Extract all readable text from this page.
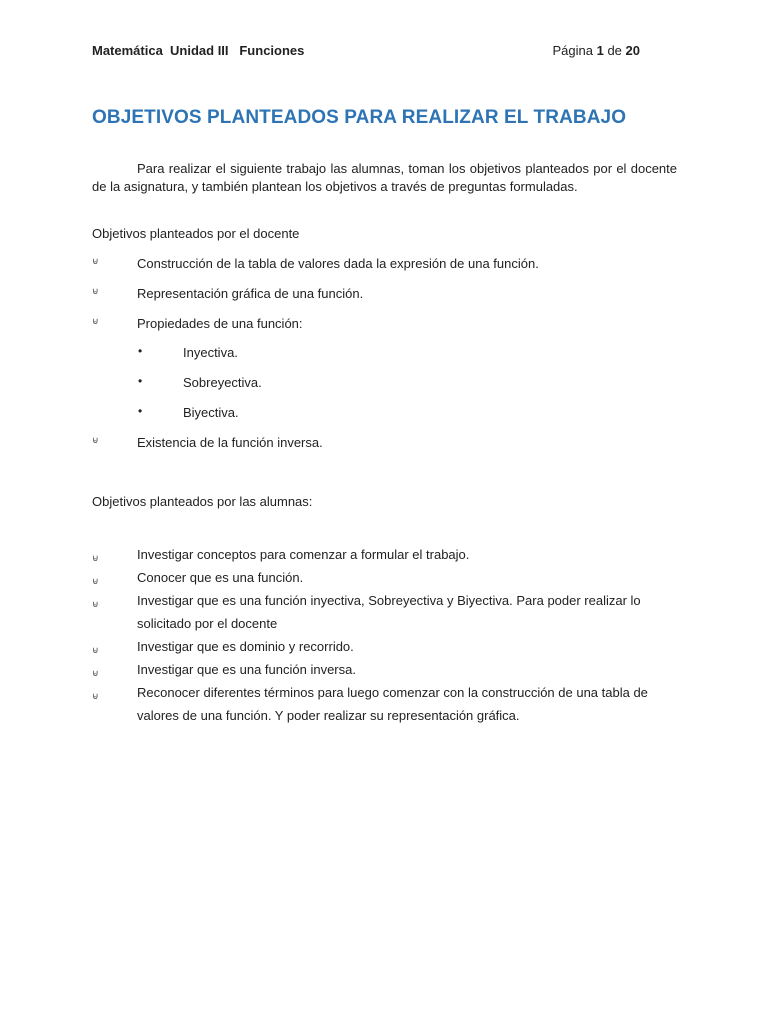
Matemática  Unidad III   Funciones	Página 1 de 20
OBJETIVOS PLANTEADOS PARA REALIZAR EL TRABAJO

Para realizar el siguiente trabajo las alumnas, toman los objetivos planteados por el docente de la asignatura, y también plantean los objetivos a través de preguntas formuladas.

Objetivos planteados por el docente

⊌	Construcción de la tabla de valores dada la expresión de una función.
⊌	Representación gráfica de una función.
⊌	Propiedades de una función:
•	Inyectiva.
•	Sobreyectiva.
•	Biyectiva.
⊌	Existencia de la función inversa.

Objetivos planteados por las alumnas:

⊌	Investigar conceptos para comenzar a formular el trabajo.
⊌	Conocer que es una función.
⊌	Investigar que es una función inyectiva, Sobreyectiva y Biyectiva. Para poder realizar lo solicitado por el docente
⊌	Investigar que es dominio y recorrido.
⊌	Investigar que es una función inversa.
⊌	Reconocer diferentes términos para luego comenzar con la construcción de una tabla de valores de una función. Y poder realizar su representación gráfica.
